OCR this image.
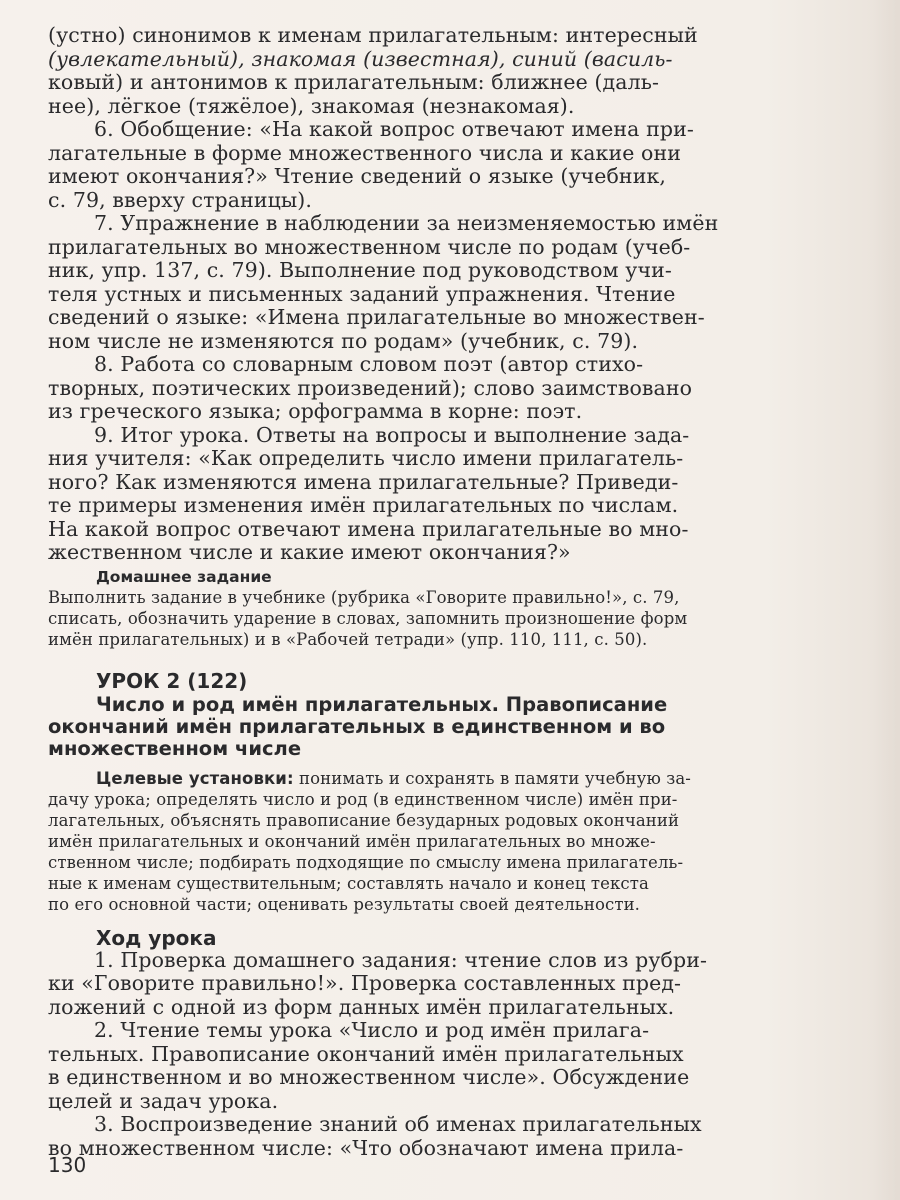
(устно) синонимов к именам прилагательным: интересный
(увлекательный), знакомая (известная), синий (василь-
ковый) и антонимов к прилагательным: ближнее (даль-
нее), лёгкое (тяжёлое), знакомая (незнакомая).

6. Обобщение: «На какой вопрос отвечают имена при-
лагательные в форме множественного числа и какие они
имеют окончания?» Чтение сведений о языке (учебник,
с. 79, вверху страницы).

7. Упражнение в наблюдении за неизменяемостью имён
прилагательных во множественном числе по родам (учеб-
ник, упр. 137, с. 79). Выполнение под руководством учи-
теля устных и письменных заданий упражнения. Чтение
сведений о языке: «Имена прилагательные во множествен-
ном числе не изменяются по родам» (учебник, с. 79).

8. Работа со словарным словом поэт (автор стихо-
творных, поэтических произведений); слово заимствовано
из греческого языка; орфограмма в корне: поэт.

9. Итог урока. Ответы на вопросы и выполнение зада-
ния учителя: «Как определить число имени прилагатель-
ного? Как изменяются имена прилагательные? Приведи-
те примеры изменения имён прилагательных по числам.
На какой вопрос отвечают имена прилагательные во мно-
жественном числе и какие имеют окончания?»

Домашнее задание

Выполнить задание в учебнике (рубрика «Говорите правильно!», с. 79,
списать, обозначить ударение в словах, запомнить произношение форм
имён прилагательных) и в «Рабочей тетради» (упр. 110, 111, с. 50).

УРОК 2 (122)
Число и род имён прилагательных. Правописание
окончаний имён прилагательных в единственном и во
множественном числе

Целевые установки: понимать и сохранять в памяти учебную за-
дачу урока; определять число и род (в единственном числе) имён при-
лагательных, объяснять правописание безударных родовых окончаний
имён прилагательных и окончаний имён прилагательных во множе-
ственном числе; подбирать подходящие по смыслу имена прилагатель-
ные к именам существительным; составлять начало и конец текста
по его основной части; оценивать результаты своей деятельности.

Ход урока

1. Проверка домашнего задания: чтение слов из рубри-
ки «Говорите правильно!». Проверка составленных пред-
ложений с одной из форм данных имён прилагательных.

2. Чтение темы урока «Число и род имён прилага-
тельных. Правописание окончаний имён прилагательных
в единственном и во множественном числе». Обсуждение
целей и задач урока.

3. Воспроизведение знаний об именах прилагательных
во множественном числе: «Что обозначают имена прила-

130
